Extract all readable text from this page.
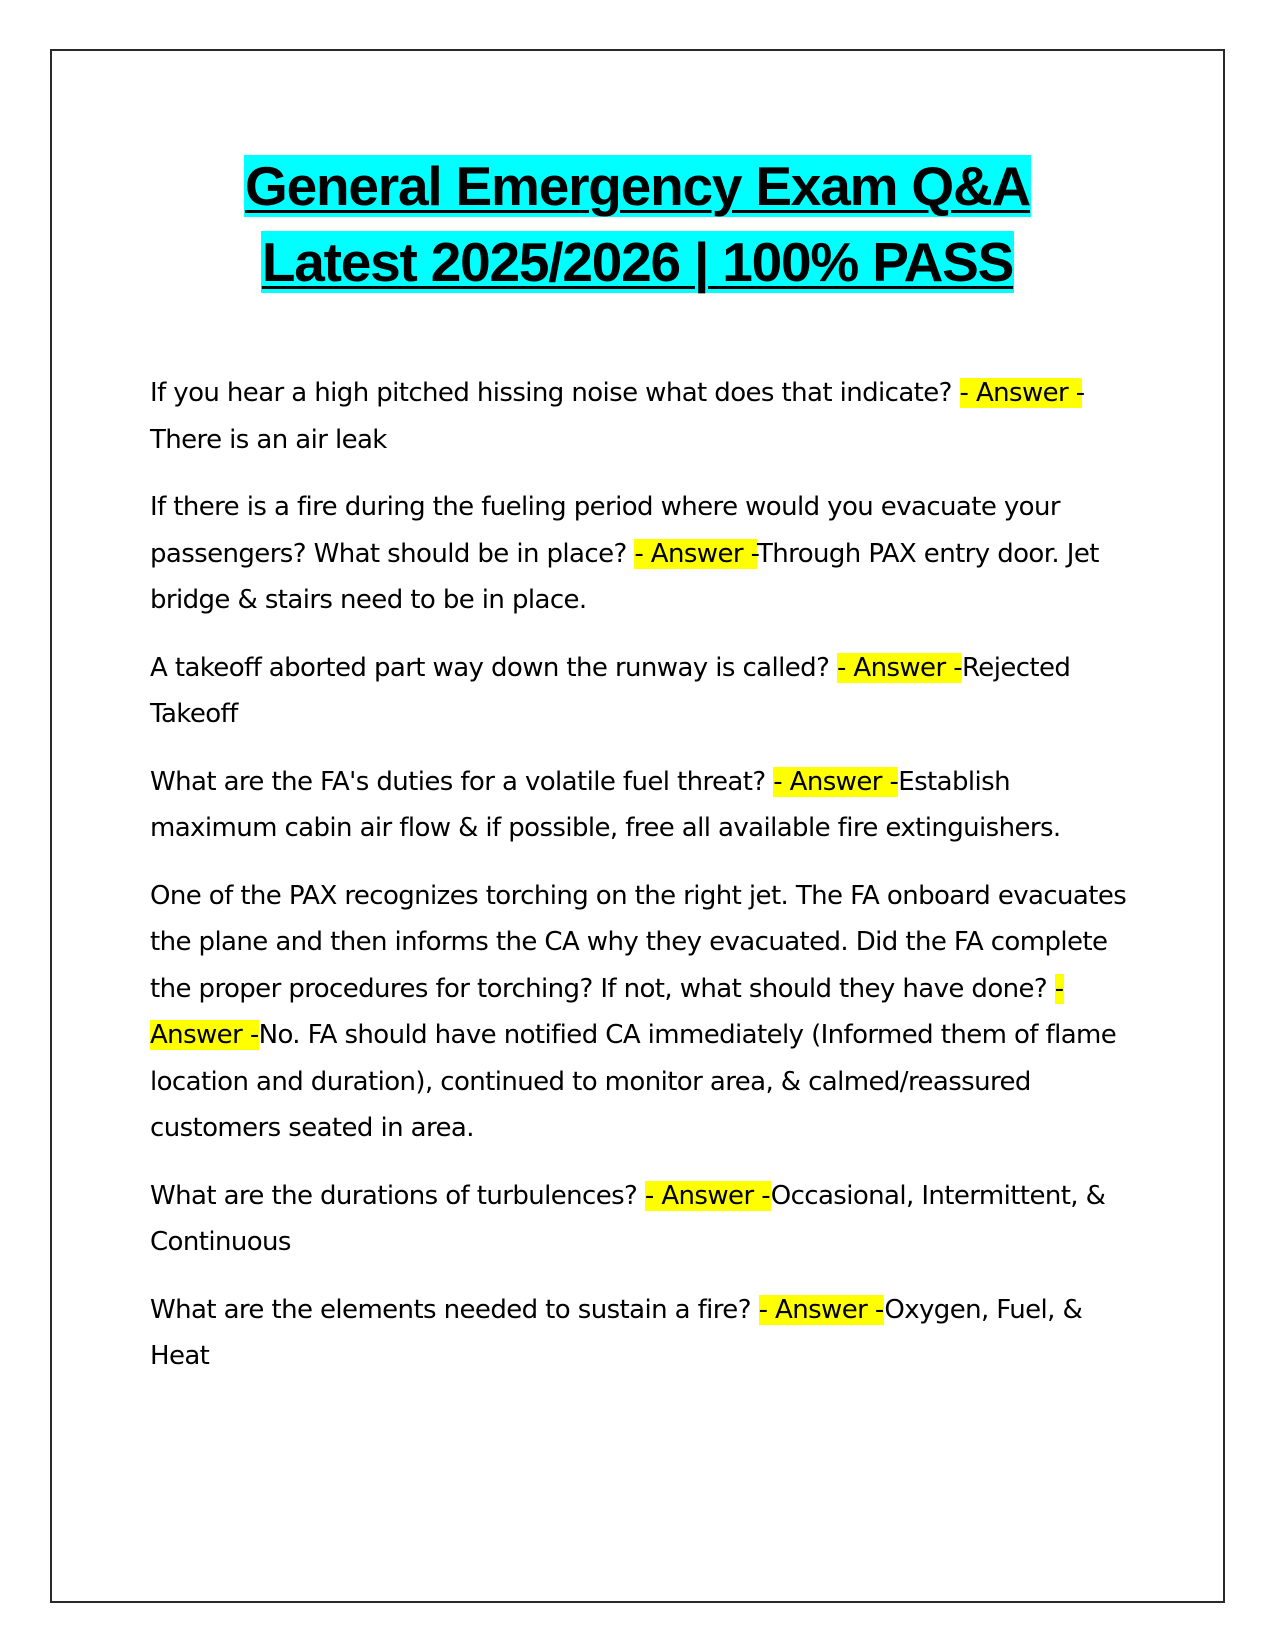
General Emergency Exam Q&A
Latest 2025/2026 | 100% PASS

If you hear a high pitched hissing noise what does that indicate? - Answer -There is an air leak

If there is a fire during the fueling period where would you evacuate your passengers? What should be in place? - Answer -Through PAX entry door. Jet bridge & stairs need to be in place.

A takeoff aborted part way down the runway is called? - Answer -Rejected Takeoff

What are the FA's duties for a volatile fuel threat? - Answer -Establish maximum cabin air flow & if possible, free all available fire extinguishers.

One of the PAX recognizes torching on the right jet. The FA onboard evacuates the plane and then informs the CA why they evacuated. Did the FA complete the proper procedures for torching? If not, what should they have done? - Answer -No. FA should have notified CA immediately (Informed them of flame location and duration), continued to monitor area, & calmed/reassured customers seated in area.

What are the durations of turbulences? - Answer -Occasional, Intermittent, & Continuous

What are the elements needed to sustain a fire? - Answer -Oxygen, Fuel, & Heat
